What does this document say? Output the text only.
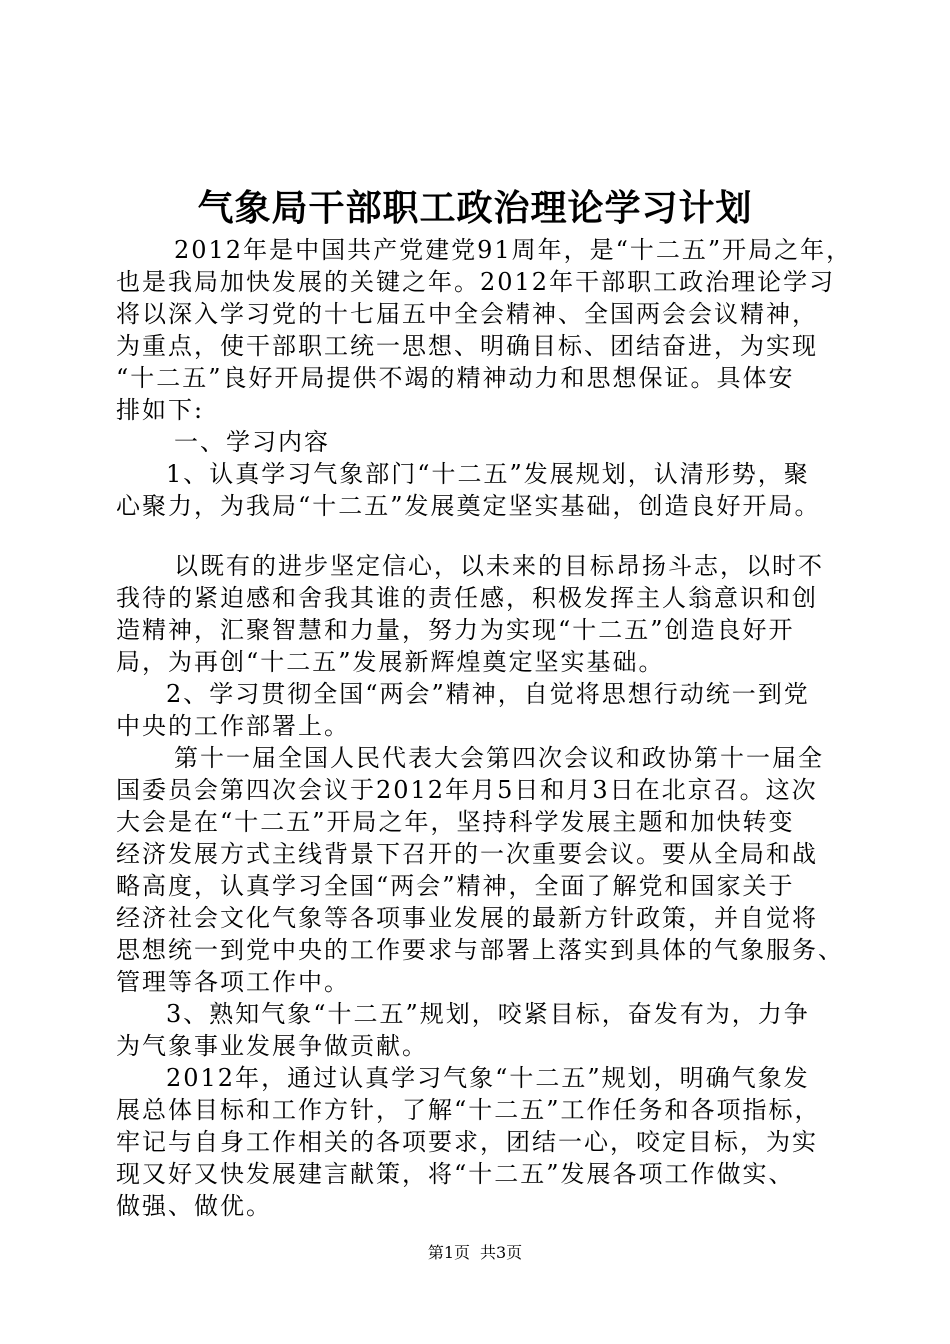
气象局干部职工政治理论学习计划
2012年是中国共产党建党91周年，是“十二五”开局之年，
也是我局加快发展的关键之年。2012年干部职工政治理论学习
将以深入学习党的十七届五中全会精神、全国两会会议精神，
为重点，使干部职工统一思想、明确目标、团结奋进，为实现
“十二五”良好开局提供不竭的精神动力和思想保证。具体安
排如下:
一、学习内容
1、认真学习气象部门“十二五”发展规划，认清形势，聚
心聚力，为我局“十二五”发展奠定坚实基础，创造良好开局。
以既有的进步坚定信心，以未来的目标昂扬斗志，以时不
我待的紧迫感和舍我其谁的责任感，积极发挥主人翁意识和创
造精神，汇聚智慧和力量，努力为实现“十二五”创造良好开
局，为再创“十二五”发展新辉煌奠定坚实基础。
2、学习贯彻全国“两会”精神，自觉将思想行动统一到党
中央的工作部署上。
第十一届全国人民代表大会第四次会议和政协第十一届全
国委员会第四次会议于2012年月5日和月3日在北京召。这次
大会是在“十二五”开局之年，坚持科学发展主题和加快转变
经济发展方式主线背景下召开的一次重要会议。要从全局和战
略高度，认真学习全国“两会”精神，全面了解党和国家关于
经济社会文化气象等各项事业发展的最新方针政策，并自觉将
思想统一到党中央的工作要求与部署上落实到具体的气象服务、
管理等各项工作中。
3、熟知气象“十二五”规划，咬紧目标，奋发有为，力争
为气象事业发展争做贡献。
2012年，通过认真学习气象“十二五”规划，明确气象发
展总体目标和工作方针，了解“十二五”工作任务和各项指标，
牢记与自身工作相关的各项要求，团结一心，咬定目标，为实
现又好又快发展建言献策，将“十二五”发展各项工作做实、
做强、做优。
第1页 共3页
